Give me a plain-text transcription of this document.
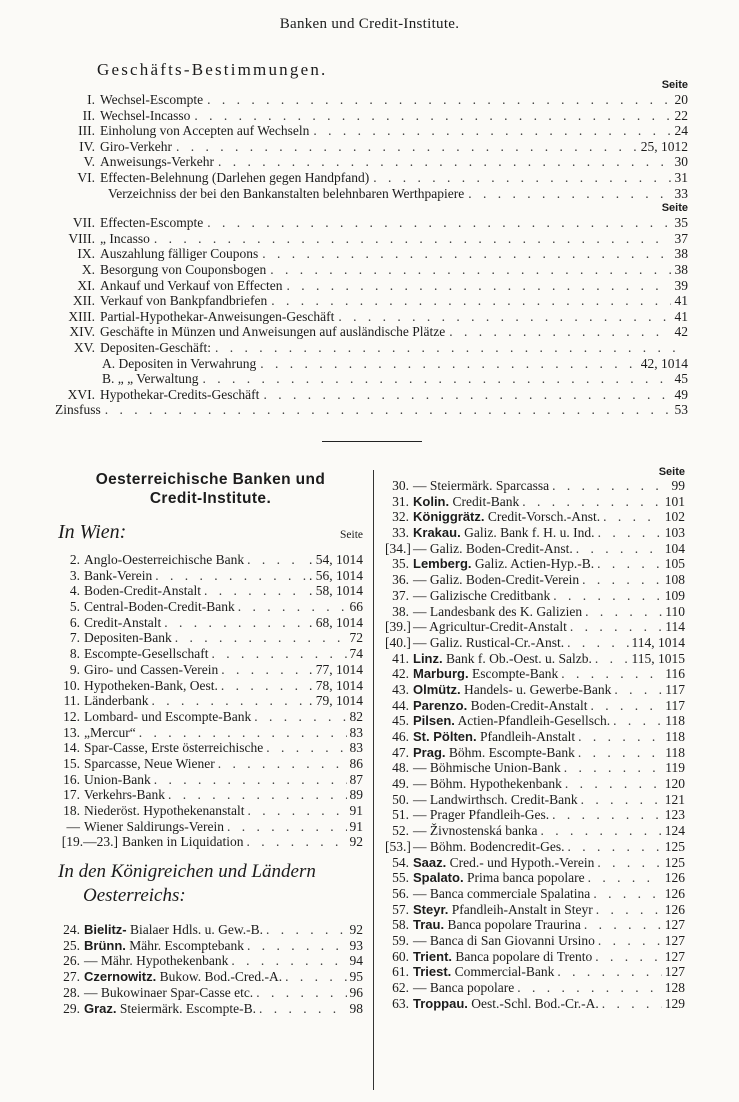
Banken und Credit-Institute.
Geschäfts-Bestimmungen.
Seite
I. Wechsel-Escompte . . .	20
II. Wechsel-Incasso . . .	22
III. Einholung von Accepten auf Wechseln . . .	24
IV. Giro-Verkehr . . .	25, 1012
V. Anweisungs-Verkehr . . .	30
VI. Effecten-Belehnung (Darlehen gegen Handpfand) . . .	31
Verzeichniss der bei den Bankanstalten belehnbaren Werthpapiere . . .	33
Seite
VII. Effecten-Escompte . . .	35
VIII. „ Incasso . . .	37
IX. Auszahlung fälliger Coupons . . .	38
X. Besorgung von Couponsbogen . . .	38
XI. Ankauf und Verkauf von Effecten . . .	39
XII. Verkauf von Bankpfandbriefen . . .	41
XIII. Partial-Hypothekar-Anweisungen-Geschäft . . .	41
XIV. Geschäfte in Münzen und Anweisungen auf ausländische Plätze . . .	42
XV. Depositen-Geschäft:
. . .
A. Depositen in Verwahrung . . .	42, 1014
B. „ „ Verwaltung . . .	45
XVI. Hypothekar-Credits-Geschäft . . .	49
Zinsfuss . . .	53
Oesterreichische Banken und
Credit-Institute.
In Wien:	Seite
2. Anglo-Oesterreichische Bank . . .	. 54, 1014
3. Bank-Verein . . .	. 56, 1014
4. Boden-Credit-Anstalt . . .	. 58, 1014
5. Central-Boden-Credit-Bank . . .	66
6. Credit-Anstalt . . .	. 68, 1014
7. Depositen-Bank . . .	72
8. Escompte-Gesellschaft . . .	74
9. Giro- und Cassen-Verein . . .	. 77, 1014
10. Hypotheken-Bank, Oest. . . .	. 78, 1014
11. Länderbank . . .	. 79, 1014
12. Lombard- und Escompte-Bank . . .	82
13. „Mercur“ . . .	83
14. Spar-Casse, Erste österreichische . . .	83
15. Sparcasse, Neue Wiener . . .	86
16. Union-Bank . . .	87
17. Verkehrs-Bank . . .	89
18. Niederöst. Hypothekenanstalt . . .	91
— Wiener Saldirungs-Verein . . .	91
[19.—23.] Banken in Liquidation . . .	92
In den Königreichen und Ländern
Oesterreichs:
24. Bielitz- Bialaer Hdls. u. Gew.-B. . . .	92
25. Brünn. Mähr. Escomptebank . . .	93
26. — Mähr. Hypothekenbank . . .	94
27. Czernowitz. Bukow. Bod.-Cred.-A. . . .	95
28. — Bukowinaer Spar-Casse etc. . . .	96
29. Graz. Steiermärk. Escompte-B. . . .	98
Seite
30. — Steiermärk. Sparcassa . . .	99
31. Kolin. Credit-Bank . . .	101
32. Königgrätz. Credit-Vorsch.-Anst. . . .	102
33. Krakau. Galiz. Bank f. H. u. Ind. . . .	103
[34.] — Galiz. Boden-Credit-Anst. . . .	104
35. Lemberg. Galiz. Actien-Hyp.-B. . . .	105
36. — Galiz. Boden-Credit-Verein . . .	108
37. — Galizische Creditbank . . .	109
38. — Landesbank des K. Galizien . . .	110
[39.] — Agricultur-Credit-Anstalt . . .	114
[40.] — Galiz. Rustical-Cr.-Anst. . . .	114, 1014
41. Linz. Bank f. Ob.-Oest. u. Salzb. . . .	115, 1015
42. Marburg. Escompte-Bank . . .	116
43. Olmütz. Handels- u. Gewerbe-Bank . . .	117
44. Parenzo. Boden-Credit-Anstalt . . .	117
45. Pilsen. Actien-Pfandleih-Gesellsch. . . .	118
46. St. Pölten. Pfandleih-Anstalt . . .	118
47. Prag. Böhm. Escompte-Bank . . .	118
48. — Böhmische Union-Bank . . .	119
49. — Böhm. Hypothekenbank . . .	120
50. — Landwirthsch. Credit-Bank . . .	121
51. — Prager Pfandleih-Ges. . . .	123
52. — Živnostenská banka . . .	124
[53.] — Böhm. Bodencredit-Ges. . . .	125
54. Saaz. Cred.- und Hypoth.-Verein . . .	125
55. Spalato. Prima banca popolare . . .	126
56. — Banca commerciale Spalatina . . .	126
57. Steyr. Pfandleih-Anstalt in Steyr . . .	126
58. Trau. Banca popolare Traurina . . .	127
59. — Banca di San Giovanni Ursino . . .	127
60. Trient. Banca popolare di Trento . . .	127
61. Triest. Commercial-Bank . . .	127
62. — Banca popolare . . .	128
63. Troppau. Oest.-Schl. Bod.-Cr.-A. . . .	129
